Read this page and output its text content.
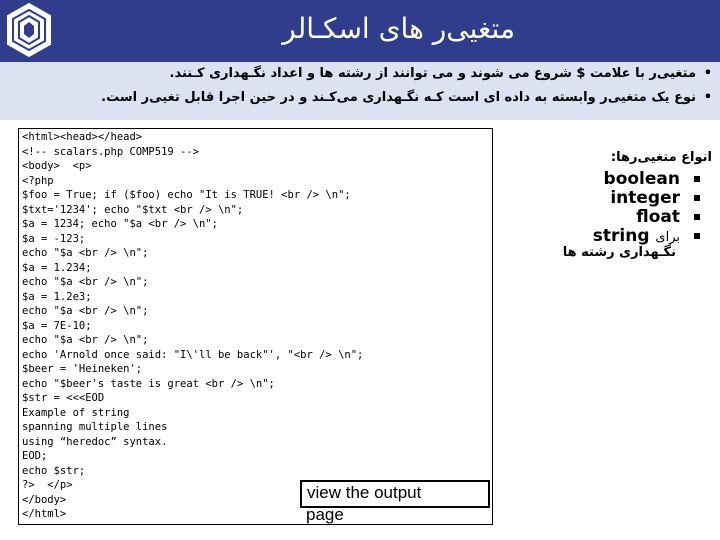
متغیی‌ر های اسکـالر
•متغیی‌ر با علامت $ شروع می شوند و می توانند از رشته ها و اعداد نگـهداری کـنند.
•نوع یک متغیی‌ر وابسته به داده ای است کـه نگـهداری می‌کـند و در حین اجرا قابل تغیی‌ر است.
<html><head></head>
<!-- scalars.php COMP519 -->
<body>  <p>
<?php
$foo = True; if ($foo) echo "It is TRUE! <br /> \n";
$txt='1234'; echo "$txt <br /> \n";
$a = 1234; echo "$a <br /> \n";
$a = -123;
echo "$a <br /> \n";
$a = 1.234;
echo "$a <br /> \n";
$a = 1.2e3;
echo "$a <br /> \n";
$a = 7E-10;
echo "$a <br /> \n";
echo 'Arnold once said: "I\'ll be back"', "<br /> \n";
$beer = 'Heineken';
echo "$beer's taste is great <br /> \n";
$str = <<<EOD
Example of string
spanning multiple lines
using “heredoc” syntax.
EOD;
echo $str;
?>  </p>
</body>
</html>
انواع متغیی‌رها:
boolean
integer
float
برای string
نگـهداری رشته ها
view the output
page
